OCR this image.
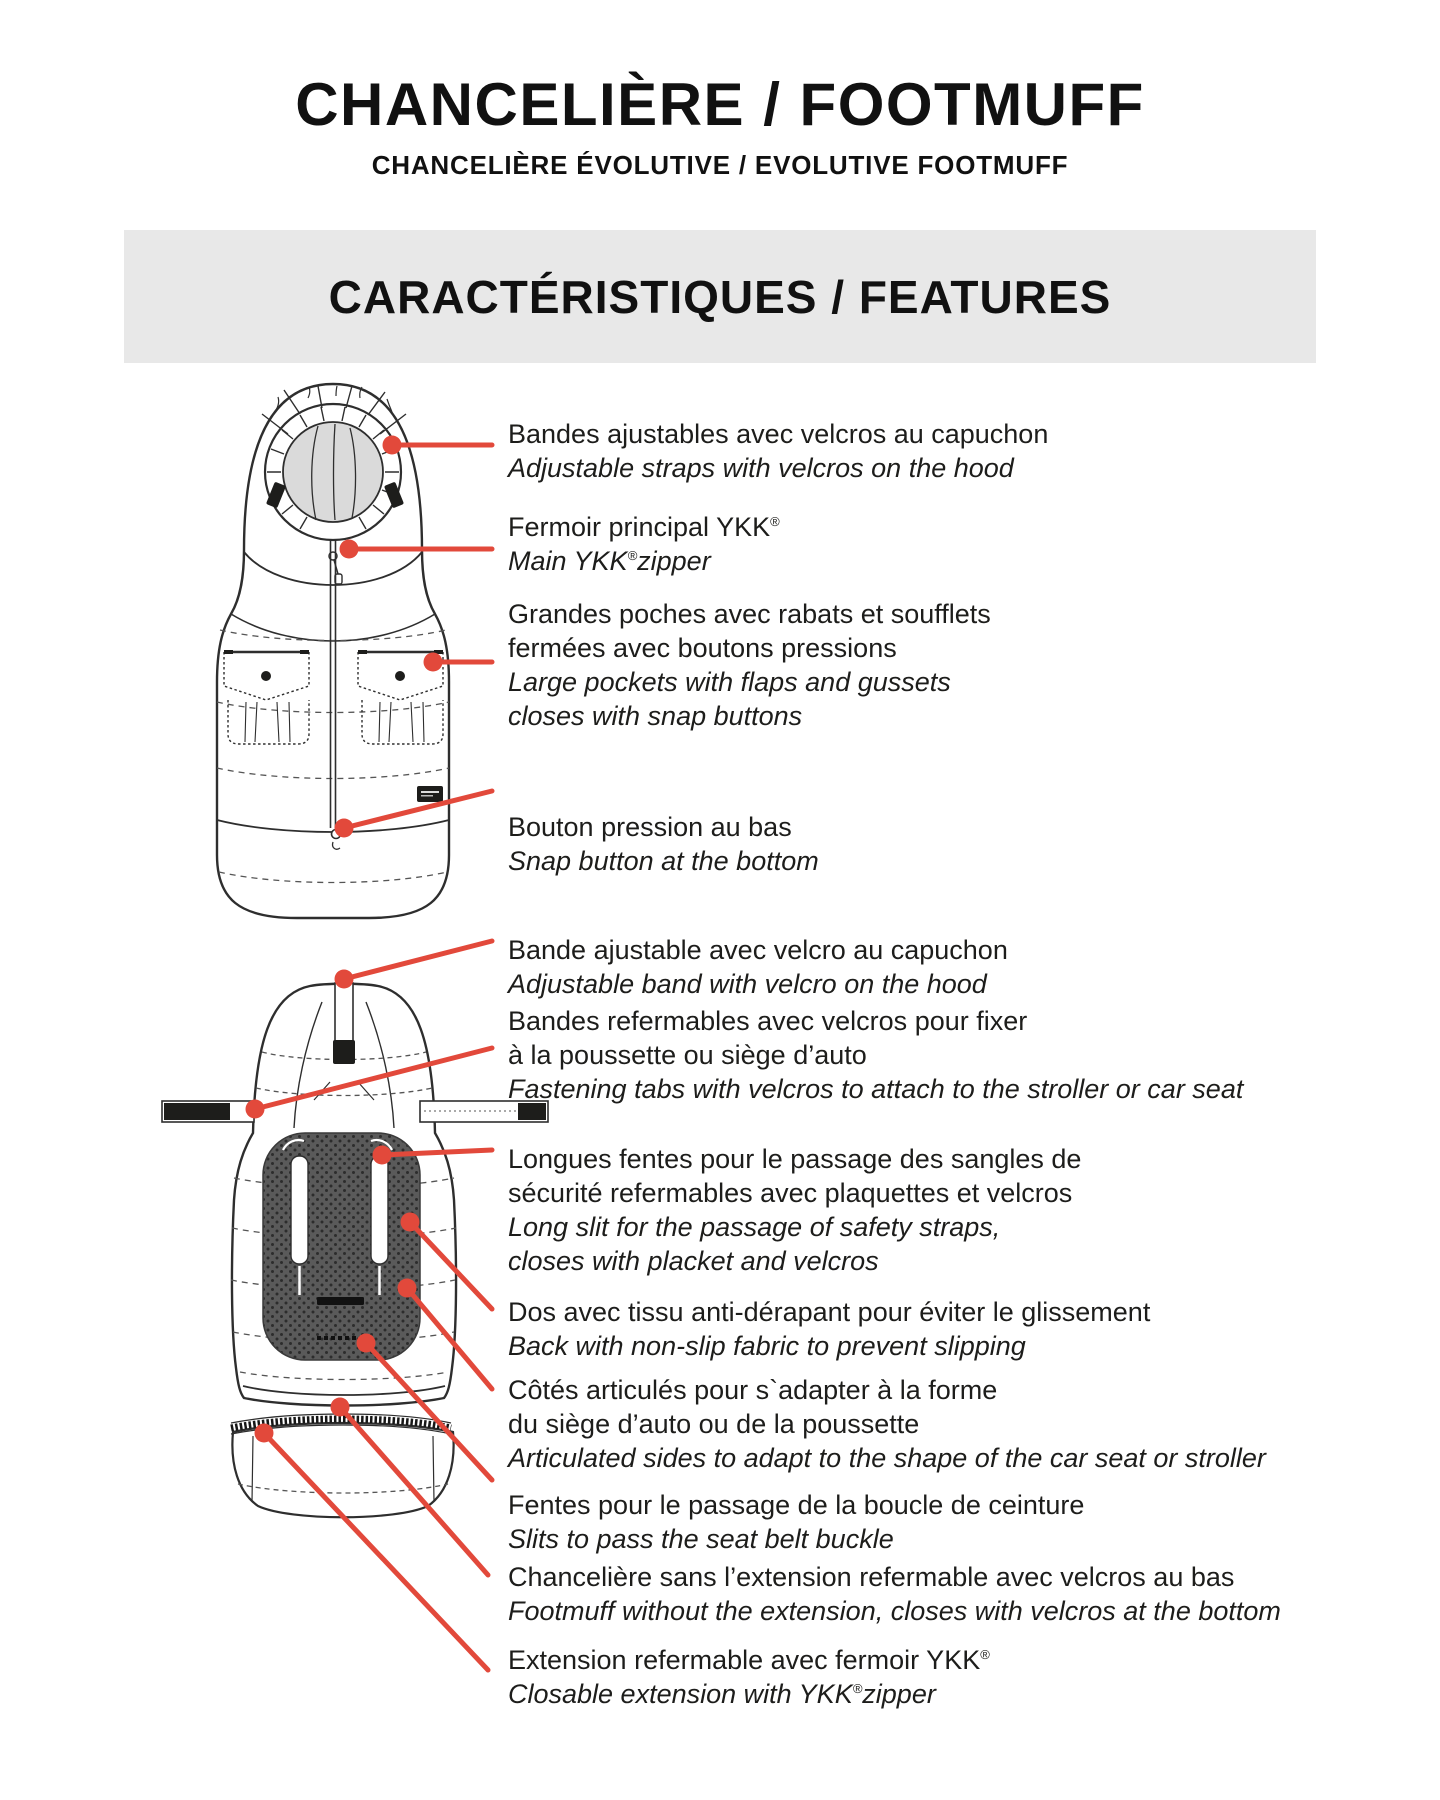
CHANCELIÈRE / FOOTMUFF
CHANCELIÈRE ÉVOLUTIVE / EVOLUTIVE FOOTMUFF
CARACTÉRISTIQUES / FEATURES
Bandes ajustables avec velcros au capuchon
Adjustable straps with velcros on the hood
Fermoir principal YKK®
Main YKK®zipper
Grandes poches avec rabats et soufflets
fermées avec boutons pressions
Large pockets with flaps and gussets
closes with snap buttons
Bouton pression au bas
Snap button at the bottom
Bande ajustable avec velcro au capuchon
Adjustable band with velcro on the hood
Bandes refermables avec velcros pour fixer
à la poussette ou siège d’auto
Fastening tabs with velcros to attach to the stroller or car seat
Longues fentes pour le passage des sangles de
sécurité refermables avec plaquettes et velcros
Long slit for the passage of safety straps,
closes with placket and velcros
Dos avec tissu anti-dérapant pour éviter le glissement
Back with non-slip fabric to prevent slipping
Côtés articulés pour s`adapter à la forme
du siège d’auto ou de la poussette
Articulated sides to adapt to the shape of the car seat or stroller
Fentes pour le passage de la boucle de ceinture
Slits to pass the seat belt buckle
Chancelière sans l’extension refermable avec velcros au bas
Footmuff without the extension, closes with velcros at the bottom
Extension refermable avec fermoir YKK®
Closable extension with YKK®zipper
